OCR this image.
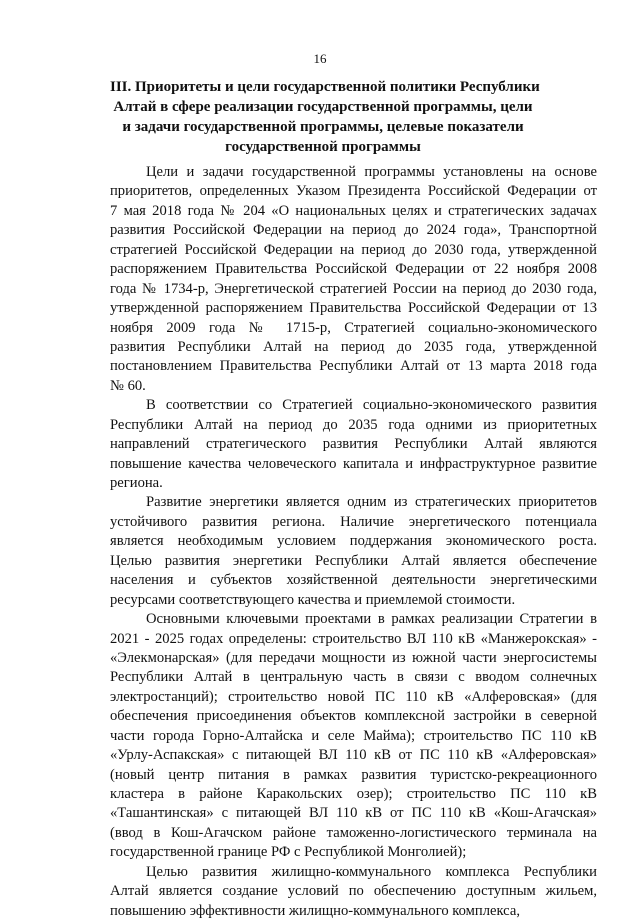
16
III. Приоритеты и цели государственной политики Республики
Алтай в сфере реализации государственной программы, цели
и задачи государственной программы, целевые показатели
государственной программы
Цели и задачи государственной программы установлены на основе
приоритетов, определенных Указом Президента Российской Федерации от
7 мая 2018 года № 204 «О национальных целях и стратегических задачах
развития Российской Федерации на период до 2024 года», Транспортной
стратегией Российской Федерации на период до 2030 года, утвержденной
распоряжением Правительства Российской Федерации от 22 ноября 2008
года № 1734-р, Энергетической стратегией России на период до 2030 года,
утвержденной распоряжением Правительства Российской Федерации от 13
ноября 2009 года № 1715-р, Стратегией социально-экономического
развития Республики Алтай на период до 2035 года, утвержденной
постановлением Правительства Республики Алтай от 13 марта 2018 года
№ 60.
В соответствии со Стратегией социально-экономического развития
Республики Алтай на период до 2035 года одними из приоритетных
направлений стратегического развития Республики Алтай являются
повышение качества человеческого капитала и инфраструктурное развитие
региона.
Развитие энергетики является одним из стратегических приоритетов
устойчивого развития региона. Наличие энергетического потенциала
является необходимым условием поддержания экономического роста.
Целью развития энергетики Республики Алтай является обеспечение
населения и субъектов хозяйственной деятельности энергетическими
ресурсами соответствующего качества и приемлемой стоимости.
Основными ключевыми проектами в рамках реализации Стратегии в
2021 - 2025 годах определены: строительство ВЛ 110 кВ «Манжерокская» -
«Элекмонарская» (для передачи мощности из южной части энергосистемы
Республики Алтай в центральную часть в связи с вводом солнечных
электростанций); строительство новой ПС 110 кВ «Алферовская» (для
обеспечения присоединения объектов комплексной застройки в северной
части города Горно-Алтайска и селе Майма); строительство ПС 110 кВ
«Урлу-Аспакская» с питающей ВЛ 110 кВ от ПС 110 кВ «Алферовская»
(новый центр питания в рамках развития туристско-рекреационного
кластера в районе Каракольских озер); строительство ПС 110 кВ
«Ташантинская» с питающей ВЛ 110 кВ от ПС 110 кВ «Кош-Агачская»
(ввод в Кош-Агачском районе таможенно-логистического терминала на
государственной границе РФ с Республикой Монголией);
Целью развития жилищно-коммунального комплекса Республики
Алтай является создание условий по обеспечению доступным жильем,
повышению эффективности жилищно-коммунального комплекса,
